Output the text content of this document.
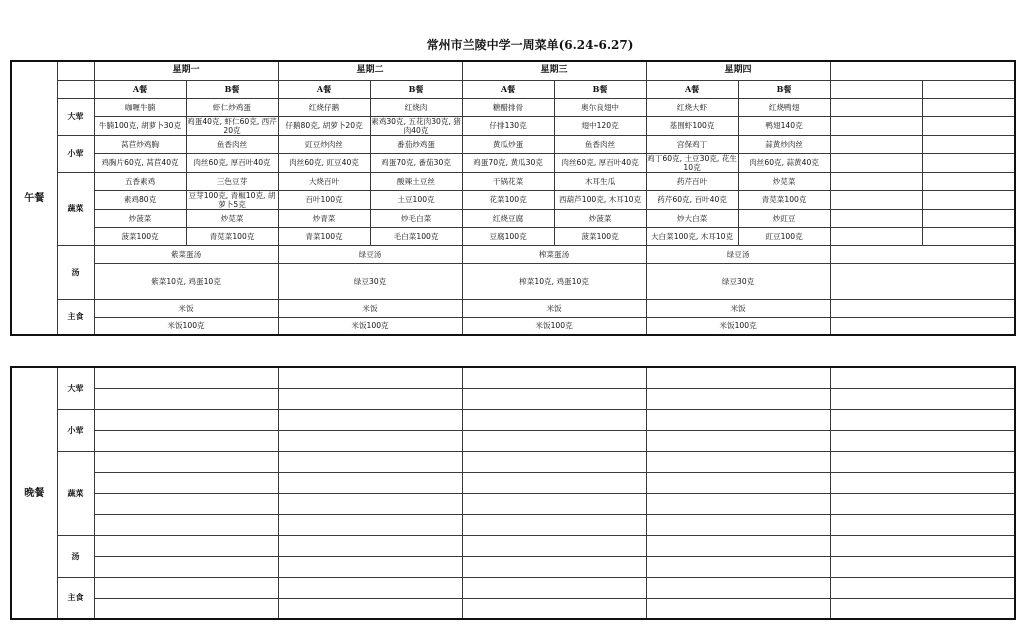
常州市兰陵中学一周菜单(6.24-6.27)
午餐		星期一		星期二		星期三		星期四			
		A餐	B餐	A餐	B餐	A餐	B餐	A餐	B餐		
	大荤	咖喱牛腩	虾仁炒鸡蛋	红烧仔鹅	红烧肉	糖醋排骨	奥尔良翅中	红烧大虾	红烧鸭翅		
		牛腩100克, 胡萝卜30克	鸡蛋40克, 虾仁60克, 西芹20克	仔鹅80克, 胡萝卜20克	素鸡30克, 五花肉30克, 猪肉40克	仔排130克	翅中120克	基围虾100克	鸭翅140克		
	小荤	莴苣炒鸡胸	鱼香肉丝	豇豆炒肉丝	番茄炒鸡蛋	黄瓜炒蛋	鱼香肉丝	宫保鸡丁	蒜黄炒肉丝		
		鸡胸片60克, 莴苣40克	肉丝60克, 厚百叶40克	肉丝60克, 豇豆40克	鸡蛋70克, 番茄30克	鸡蛋70克, 黄瓜30克	肉丝60克, 厚百叶40克	鸡丁60克, 土豆30克, 花生10克	肉丝60克, 蒜黄40克		
	蔬菜	五香素鸡	三色豆芽	大烧百叶	酸辣土豆丝	干锅花菜	木耳生瓜	药芹百叶	炒苋菜		
		素鸡80克	豆芽100克, 青椒10克, 胡萝卜5克	百叶100克	土豆100克	花菜100克	西葫芦100克, 木耳10克	药芹60克, 百叶40克	青苋菜100克		
		炒菠菜	炒苋菜	炒青菜	炒毛白菜	红烧豆腐	炒菠菜	炒大白菜	炒豇豆		
		菠菜100克	青苋菜100克	青菜100克	毛白菜100克	豆腐100克	菠菜100克	大白菜100克, 木耳10克	豇豆100克		
	汤	紫菜蛋汤		绿豆汤		榨菜蛋汤		绿豆汤			
		紫菜10克, 鸡蛋10克		绿豆30克		榨菜10克, 鸡蛋10克		绿豆30克			

	主食	米饭		米饭		米饭		米饭			
		米饭100克		米饭100克		米饭100克		米饭100克			
晚餐	大荤					

	小荤					

	蔬菜					

	汤					

	主食					
